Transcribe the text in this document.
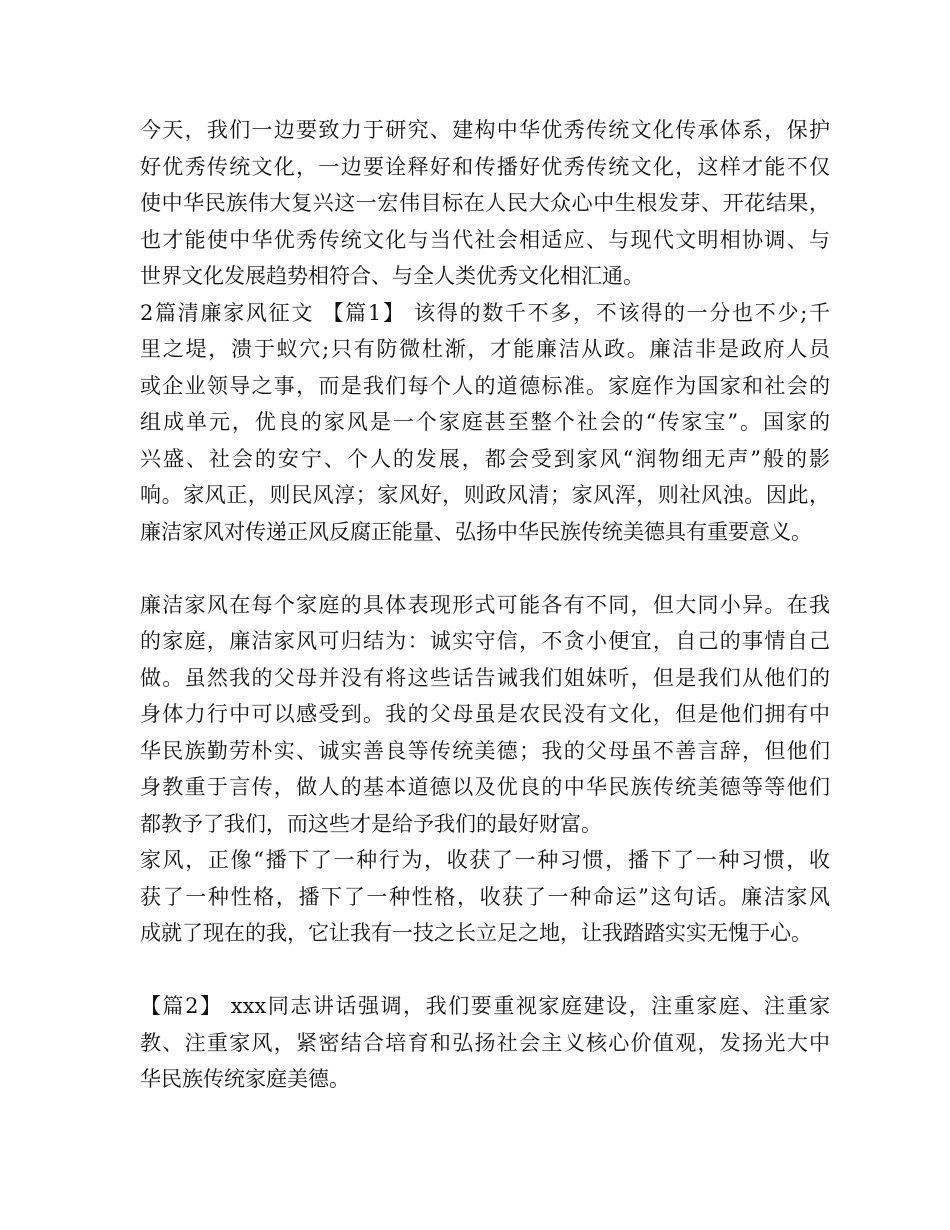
今天，我们一边要致力于研究、建构中华优秀传统文化传承体系，保护
好优秀传统文化，一边要诠释好和传播好优秀传统文化，这样才能不仅
使中华民族伟大复兴这一宏伟目标在人民大众心中生根发芽、开花结果，
也才能使中华优秀传统文化与当代社会相适应、与现代文明相协调、与
世界文化发展趋势相符合、与全人类优秀文化相汇通。
2篇清廉家风征文 【篇1】 该得的数千不多，不该得的一分也不少;千
里之堤，溃于蚁穴;只有防微杜渐，才能廉洁从政。廉洁非是政府人员
或企业领导之事，而是我们每个人的道德标准。家庭作为国家和社会的
组成单元，优良的家风是一个家庭甚至整个社会的“传家宝”。国家的
兴盛、社会的安宁、个人的发展，都会受到家风“润物细无声”般的影
响。家风正，则民风淳；家风好，则政风清；家风浑，则社风浊。因此，
廉洁家风对传递正风反腐正能量、弘扬中华民族传统美德具有重要意义。
廉洁家风在每个家庭的具体表现形式可能各有不同，但大同小异。在我
的家庭，廉洁家风可归结为：诚实守信，不贪小便宜，自己的事情自己
做。虽然我的父母并没有将这些话告诫我们姐妹听，但是我们从他们的
身体力行中可以感受到。我的父母虽是农民没有文化，但是他们拥有中
华民族勤劳朴实、诚实善良等传统美德；我的父母虽不善言辞，但他们
身教重于言传，做人的基本道德以及优良的中华民族传统美德等等他们
都教予了我们，而这些才是给予我们的最好财富。
家风，正像“播下了一种行为，收获了一种习惯，播下了一种习惯，收
获了一种性格，播下了一种性格，收获了一种命运”这句话。廉洁家风
成就了现在的我，它让我有一技之长立足之地，让我踏踏实实无愧于心。
【篇2】 xxx同志讲话强调，我们要重视家庭建设，注重家庭、注重家
教、注重家风，紧密结合培育和弘扬社会主义核心价值观，发扬光大中
华民族传统家庭美德。
